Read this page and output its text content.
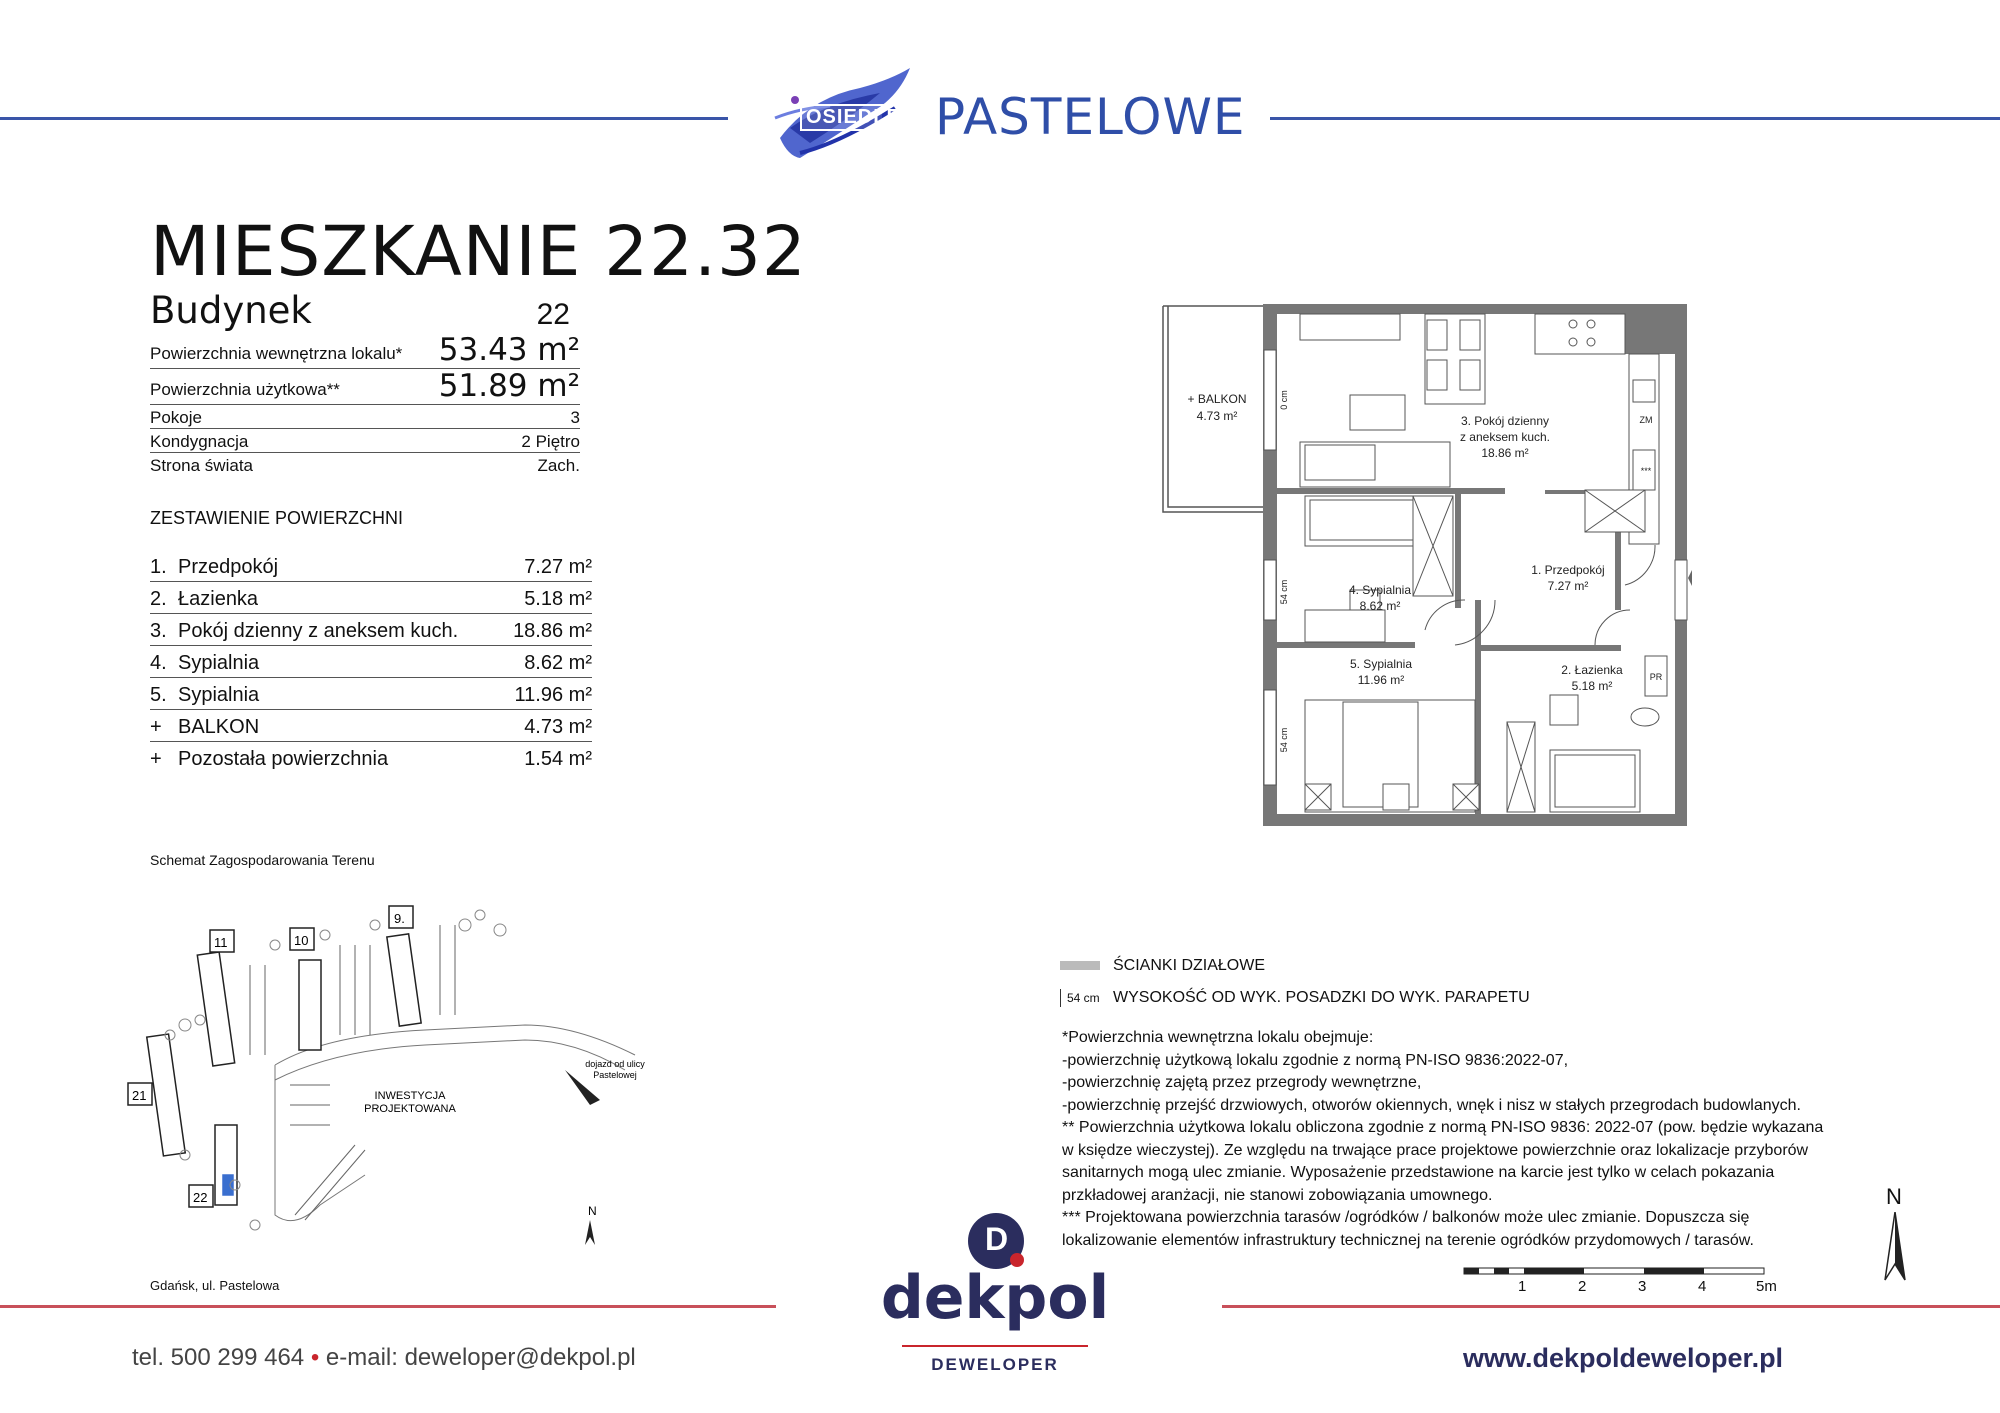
OSIEDLE PASTELOWE
MIESZKANIE 22.32
Budynek	22
Powierzchnia wewnętrzna lokalu* 53.43 m²
Powierzchnia użytkowa**	51.89 m²
Pokoje	3
Kondygnacja	2 Piętro
Strona świata	Zach.
ZESTAWIENIE POWIERZCHNI
1. Przedpokój	7.27 m²
2. Łazienka	5.18 m²
3. Pokój dzienny z aneksem kuch.	18.86 m²
4. Sypialnia	8.62 m²
5. Sypialnia	11.96 m²
+ BALKON	4.73 m²
+ Pozostała powierzchnia	1.54 m²
+ BALKON
4.73 m²
0 cm
54 cm
54 cm
ZM
PR
***
3. Pokój dzienny
z aneksem kuch.
18.86 m²
1. Przedpokój
7.27 m²
4. Sypialnia
8.62 m²
5. Sypialnia
11.96 m²
2. Łazienka
5.18 m²
Schemat Zagospodarowania Terenu
9.
10
11
21
22
INWESTYCJA
PROJEKTOWANA
dojazd od ulicy
Pastelowej
N
Gdańsk, ul. Pastelowa
ŚCIANKI DZIAŁOWE
54 cm WYSOKOŚĆ OD WYK. POSADZKI DO WYK. PARAPETU
*Powierzchnia wewnętrzna lokalu obejmuje:
-powierzchnię użytkową lokalu zgodnie z normą PN-ISO 9836:2022-07,
-powierzchnię zajętą przez przegrody wewnętrzne,
-powierzchnię przejść drzwiowych, otworów okiennych, wnęk i nisz w stałych przegrodach budowlanych.
** Powierzchnia użytkowa lokalu obliczona zgodnie z normą PN-ISO 9836: 2022-07 (pow. będzie wykazana
w księdze wieczystej). Ze względu na trwające prace projektowe powierzchnie oraz lokalizacje przyborów
sanitarnych mogą ulec zmianie. Wyposażenie przedstawione na karcie jest tylko w celach pokazania
przkładowej aranżacji, nie stanowi zobowiązania umownego.
*** Projektowana powierzchnia tarasów /ogródków / balkonów może ulec zmianie. Dopuszcza się
lokalizowanie elementów infrastruktury technicznej na terenie ogródków przydomowych / tarasów.
N
1	2	3	4	5m
tel. 500 299 464 • e-mail: deweloper@dekpol.pl
D
dekpol
DEWELOPER	www.dekpoldeweloper.pl
